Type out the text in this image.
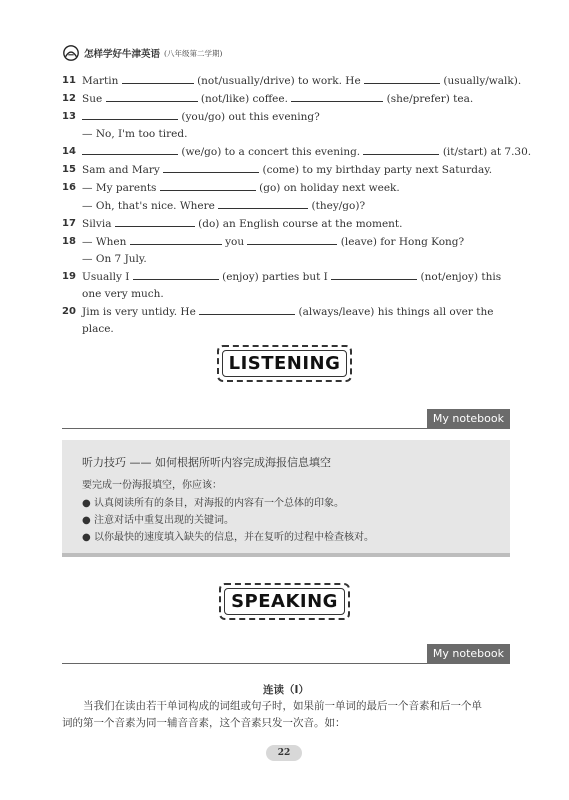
怎样学好牛津英语 (八年级第二学期)
11 Martin	(not/usually/drive) to work. He	(usually/walk).
12 Sue	(not/like) coffee.	(she/prefer) tea.
13	(you/go) out this evening?
— No, I'm too tired.
14	(we/go) to a concert this evening.	(it/start) at 7.30.
15 Sam and Mary	(come) to my birthday party next Saturday.
16 — My parents	(go) on holiday next week.
— Oh, that's nice. Where	(they/go)?
17 Silvia	(do) an English course at the moment.
18 — When	you	(leave) for Hong Kong?
— On 7 July.
19 Usually I	(enjoy) parties but I	(not/enjoy) this
one very much.
20 Jim is very untidy. He	(always/leave) his things all over the
place.
LISTENING
My notebook
听力技巧 —— 如何根据所听内容完成海报信息填空
要完成一份海报填空，你应该：
● 认真阅读所有的条目，对海报的内容有一个总体的印象。
● 注意对话中重复出现的关键词。
● 以你最快的速度填入缺失的信息，并在复听的过程中检查核对。
SPEAKING
My notebook
连读（I）

当我们在读由若干单词构成的词组或句子时，如果前一单词的最后一个音素和后一个单

词的第一个音素为同一辅音音素，这个音素只发一次音。如：

22
